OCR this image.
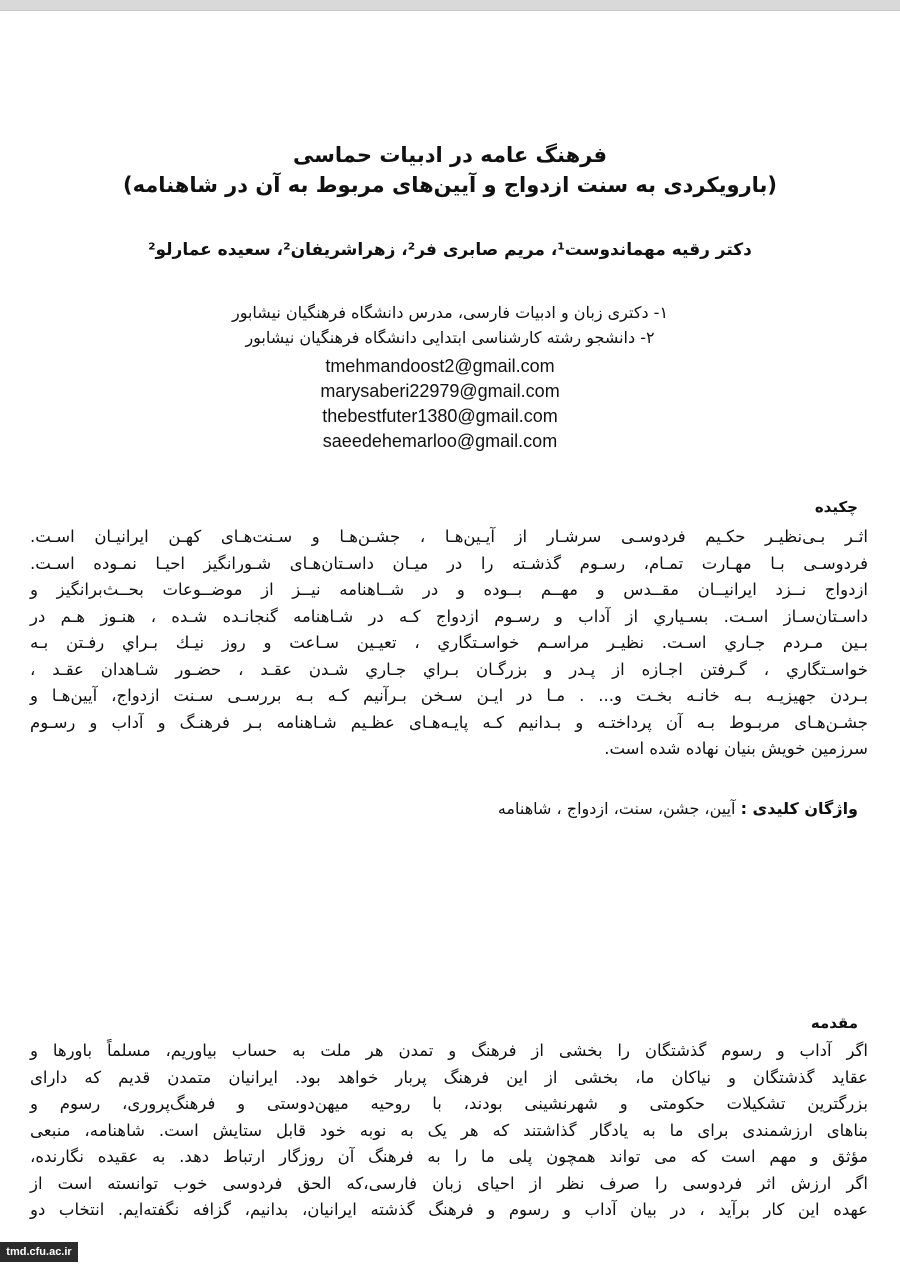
فرهنگ عامه در ادبیات حماسی

(بارویکردی به سنت ازدواج و آیین‌های مربوط به آن در شاهنامه)

دکتر رقیه مهماندوست¹، مریم صابری فر²، زهراشریفان²، سعیده عمارلو²
۱- دکتری زبان و ادبیات فارسی، مدرس دانشگاه فرهنگیان نیشابور
۲- دانشجو رشته کارشناسی ابتدایی دانشگاه فرهنگیان نیشابور
tmehmandoost2@gmail.com
marysaberi22979@gmail.com
thebestfuter1380@gmail.com
saeedehemarloo@gmail.com
چکیده
اثـر بـی‌نظیـر حکـیم فردوسـی سرشـار از آیـین‌هـا ، جشـن‌هـا و سـنت‌هـای کهـن ایرانیـان اسـت.
فردوسـی بـا مهـارت تمـام، رسـوم گذشـته را در میـان داسـتان‌هـای شـورانگیز احیـا نمـوده اسـت.
ازدواج نــزد ایرانیــان مقــدس و مهــم بــوده و در شــاهنامه نیــز از موضــوعات بحــث‌برانگیز و
داسـتان‌سـاز اسـت. بسـیاري از آداب و رسـوم ازدواج کـه در شـاهنامه گنجانـده شـده ، هنـوز هـم در
بـین مـردم جـاري اسـت. نظیـر مراسـم خواسـتگاري ، تعیـین سـاعت و روز نیـك بـراي رفـتن بـه
خواسـتگاري ، گـرفتن اجـازه از پـدر و بزرگـان بـراي جـاري شـدن عقـد ، حضـور شـاهدان عقـد ،
بـردن جهیزیـه بـه خانـه بخـت و... . مـا در ایـن سـخن بـرآنیم کـه بـه بررسـی سـنت ازدواج، آیین‌هـا و
جشـن‌هـای مربـوط بـه آن پرداختـه و بـدانیم کـه پایـه‌هـای عظـیم شـاهنامه بـر فرهنـگ و آداب و رسـوم
سرزمین خویش بنیان نهاده شده است.
واژگان کلیدی : آیین، جشن، سنت، ازدواج ، شاهنامه
مقدمه
اگر آداب و رسوم گذشتگان را بخشی از فرهنگ و تمدن هر ملت به حساب بیاوریم، مسلماً باورها و
عقاید گذشتگان و نیاکان ما، بخشی از این فرهنگ پربار خواهد بود. ایرانیان متمدن قدیم که دارای
بزرگترین تشکیلات حکومتی و شهرنشینی بودند، با روحیه میهن‌دوستی و فرهنگ‌پروری، رسوم و
بناهای ارزشمندی برای ما به یادگار گذاشتند که هر یک به نوبه خود قابل ستایش است. شاهنامه، منبعی
مؤثق و مهم است که می تواند همچون پلی ما را به فرهنگ آن روزگار ارتباط دهد. به عقیده نگارنده،
اگر ارزش اثر فردوسی را صرف نظر از احیای زبان فارسی،که الحق فردوسی خوب توانسته است از
عهده این کار برآید ، در بیان آداب و رسوم و فرهنگ گذشته ایرانیان، بدانیم، گزافه نگفته‌ایم. انتخاب دو
tmd.cfu.ac.ir
